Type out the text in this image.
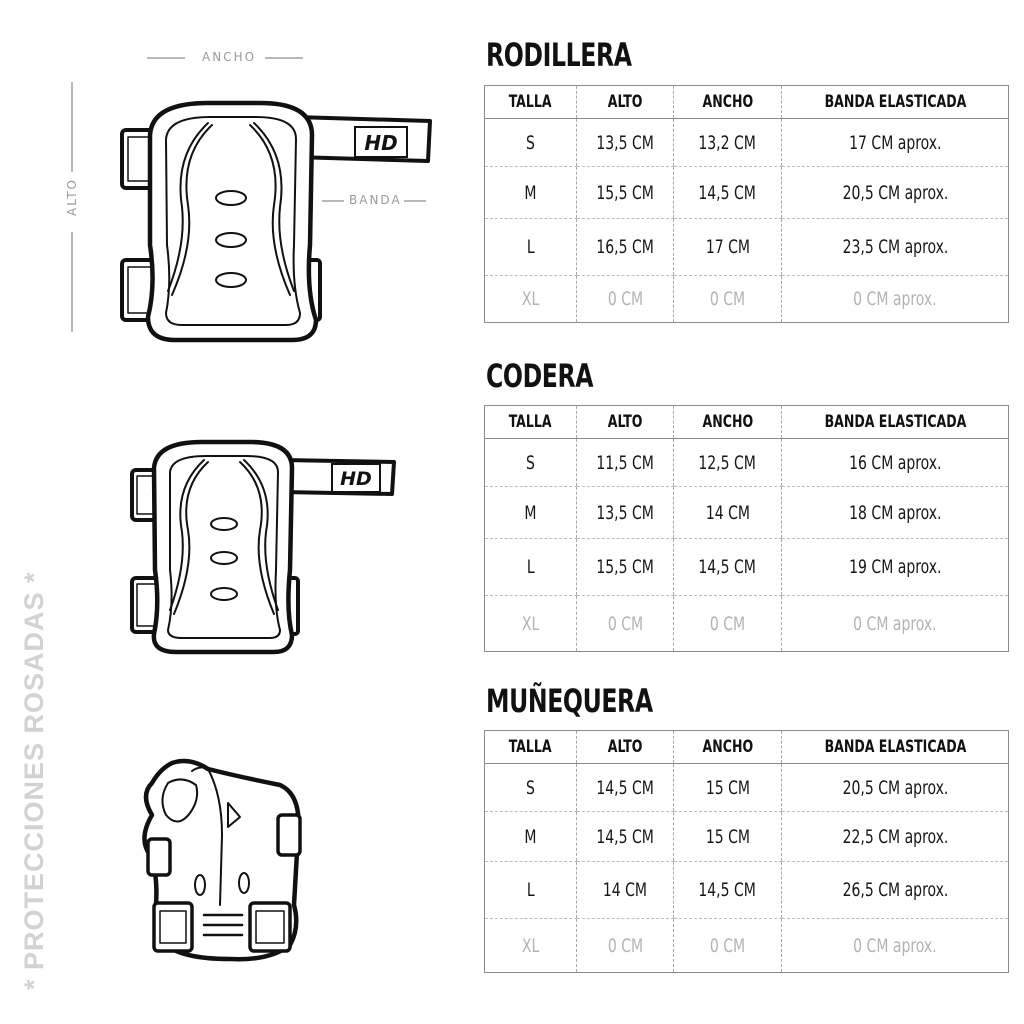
* PROTECCIONES ROSADAS *
ANCHO
ALTO	BANDA
HD
HD
RODILLERA
TALLA	ALTO	ANCHO	BANDA ELASTICADA
S	13,5 CM	13,2 CM	17 CM aprox.
M	15,5 CM	14,5 CM	20,5 CM aprox.
L	16,5 CM	17 CM	23,5 CM aprox.
XL	0 CM	0 CM	0 CM aprox.
CODERA
TALLA	ALTO	ANCHO	BANDA ELASTICADA
S	11,5 CM	12,5 CM	16 CM aprox.
M	13,5 CM	14 CM	18 CM aprox.
L	15,5 CM	14,5 CM	19 CM aprox.
XL	0 CM	0 CM	0 CM aprox.
MUÑEQUERA
TALLA	ALTO	ANCHO	BANDA ELASTICADA
S	14,5 CM	15 CM	20,5 CM aprox.
M	14,5 CM	15 CM	22,5 CM aprox.
L	14 CM	14,5 CM	26,5 CM aprox.
XL	0 CM	0 CM	0 CM aprox.
